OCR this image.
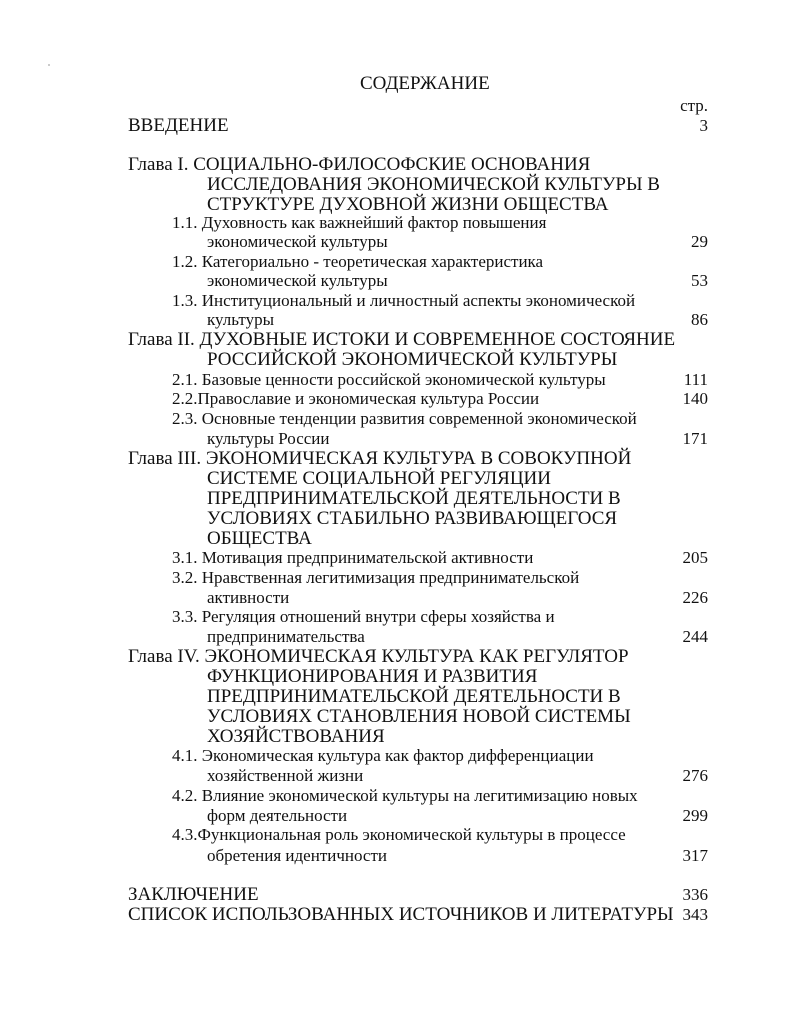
СОДЕРЖАНИЕ
стр.
ВВЕДЕНИЕ	3
Глава I. СОЦИАЛЬНО-ФИЛОСОФСКИЕ ОСНОВАНИЯ
ИССЛЕДОВАНИЯ ЭКОНОМИЧЕСКОЙ КУЛЬТУРЫ В
СТРУКТУРЕ ДУХОВНОЙ ЖИЗНИ ОБЩЕСТВА
1.1. Духовность как важнейший фактор повышения
экономической культуры	29
1.2. Категориально - теоретическая характеристика
экономической культуры	53
1.3. Институциональный и личностный аспекты экономической
культуры	86
Глава II. ДУХОВНЫЕ ИСТОКИ И СОВРЕМЕННОЕ СОСТОЯНИЕ
РОССИЙСКОЙ ЭКОНОМИЧЕСКОЙ КУЛЬТУРЫ
2.1. Базовые ценности российской экономической культуры	111
2.2.Православие и экономическая культура России	140
2.3. Основные тенденции развития современной экономической
культуры России	171
Глава III. ЭКОНОМИЧЕСКАЯ КУЛЬТУРА В СОВОКУПНОЙ
СИСТЕМЕ СОЦИАЛЬНОЙ РЕГУЛЯЦИИ
ПРЕДПРИНИМАТЕЛЬСКОЙ ДЕЯТЕЛЬНОСТИ В
УСЛОВИЯХ СТАБИЛЬНО РАЗВИВАЮЩЕГОСЯ
ОБЩЕСТВА
3.1. Мотивация предпринимательской активности	205
3.2. Нравственная легитимизация предпринимательской
активности	226
3.3. Регуляция отношений внутри сферы хозяйства и
предпринимательства	244
Глава IV. ЭКОНОМИЧЕСКАЯ КУЛЬТУРА КАК РЕГУЛЯТОР
ФУНКЦИОНИРОВАНИЯ И РАЗВИТИЯ
ПРЕДПРИНИМАТЕЛЬСКОЙ ДЕЯТЕЛЬНОСТИ В
УСЛОВИЯХ СТАНОВЛЕНИЯ НОВОЙ СИСТЕМЫ
ХОЗЯЙСТВОВАНИЯ
4.1. Экономическая культура как фактор дифференциации
хозяйственной жизни	276
4.2. Влияние экономической культуры на легитимизацию новых
форм деятельности	299
4.3.Функциональная роль экономической культуры в процессе
обретения идентичности	317
ЗАКЛЮЧЕНИЕ	336
СПИСОК ИСПОЛЬЗОВАННЫХ ИСТОЧНИКОВ И ЛИТЕРАТУРЫ 343
